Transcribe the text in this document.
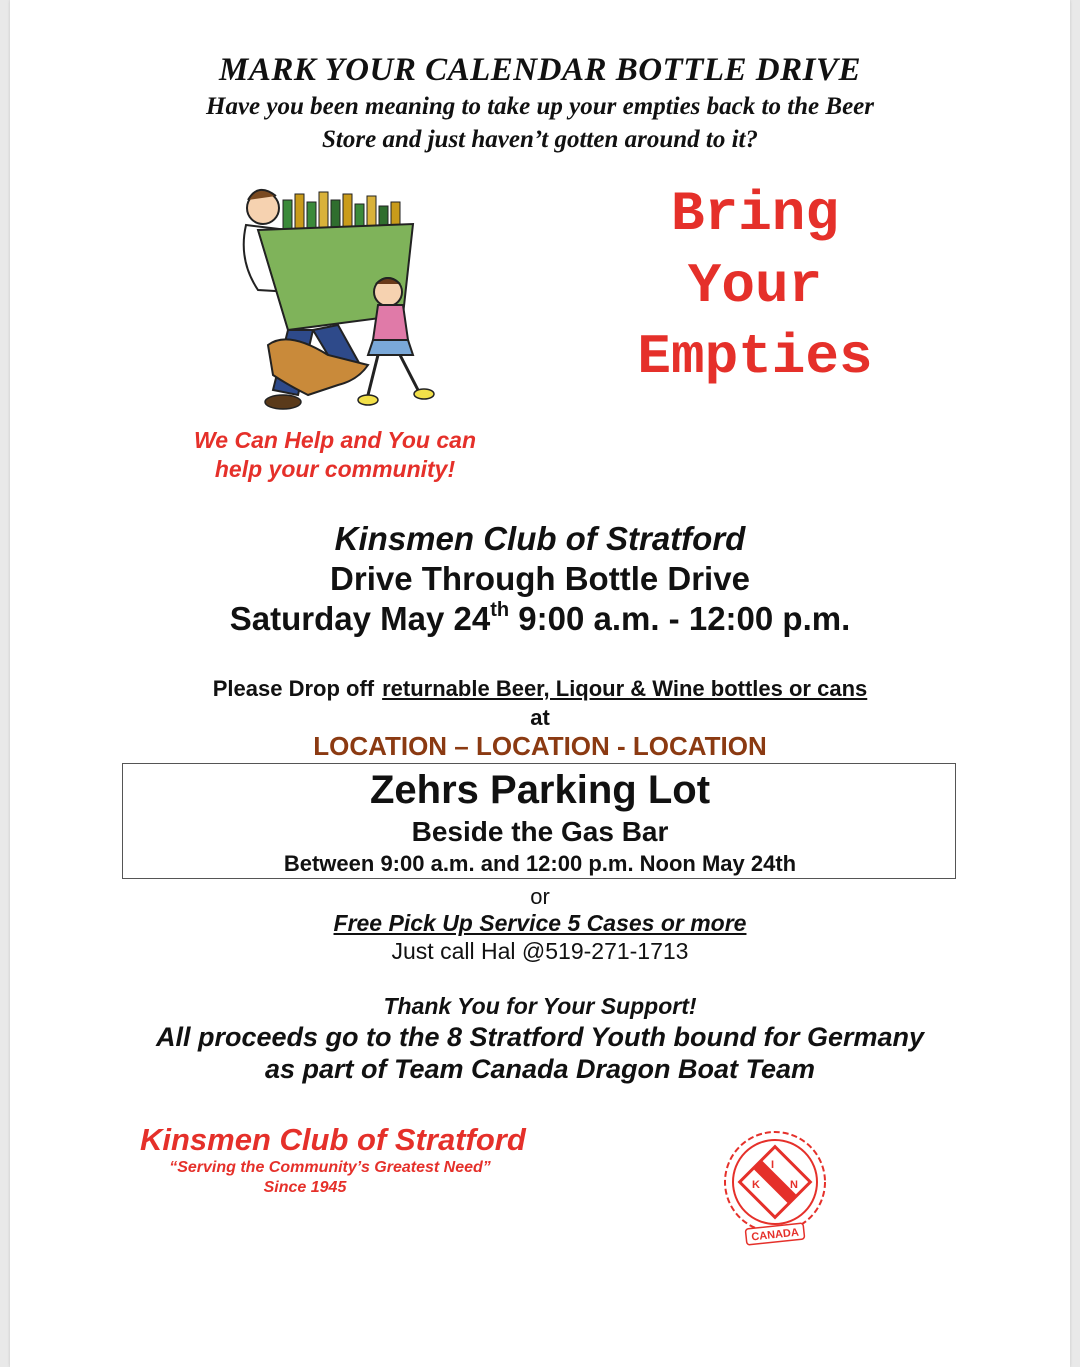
MARK YOUR CALENDAR BOTTLE DRIVE
Have you been meaning to take up your empties back to the Beer
Store and just haven’t gotten around to it?
Bring
Your
Empties
We Can Help and You can
help your community!
Kinsmen Club of Stratford
Drive Through Bottle Drive
Saturday May 24th 9:00 a.m. - 12:00 p.m.
Please Drop off returnable Beer, Liqour & Wine bottles or cans
at
LOCATION – LOCATION - LOCATION
Zehrs Parking Lot
Beside the Gas Bar
Between 9:00 a.m. and 12:00 p.m. Noon May 24th
or
Free Pick Up Service 5 Cases or more
Just call Hal @519-271-1713
Thank You for Your Support!
All proceeds go to the 8 Stratford Youth bound for Germany
as part of Team Canada Dragon Boat Team
Kinsmen Club of Stratford
“Serving the Community’s Greatest Need”
Since 1945	K
I
N
CANADA
